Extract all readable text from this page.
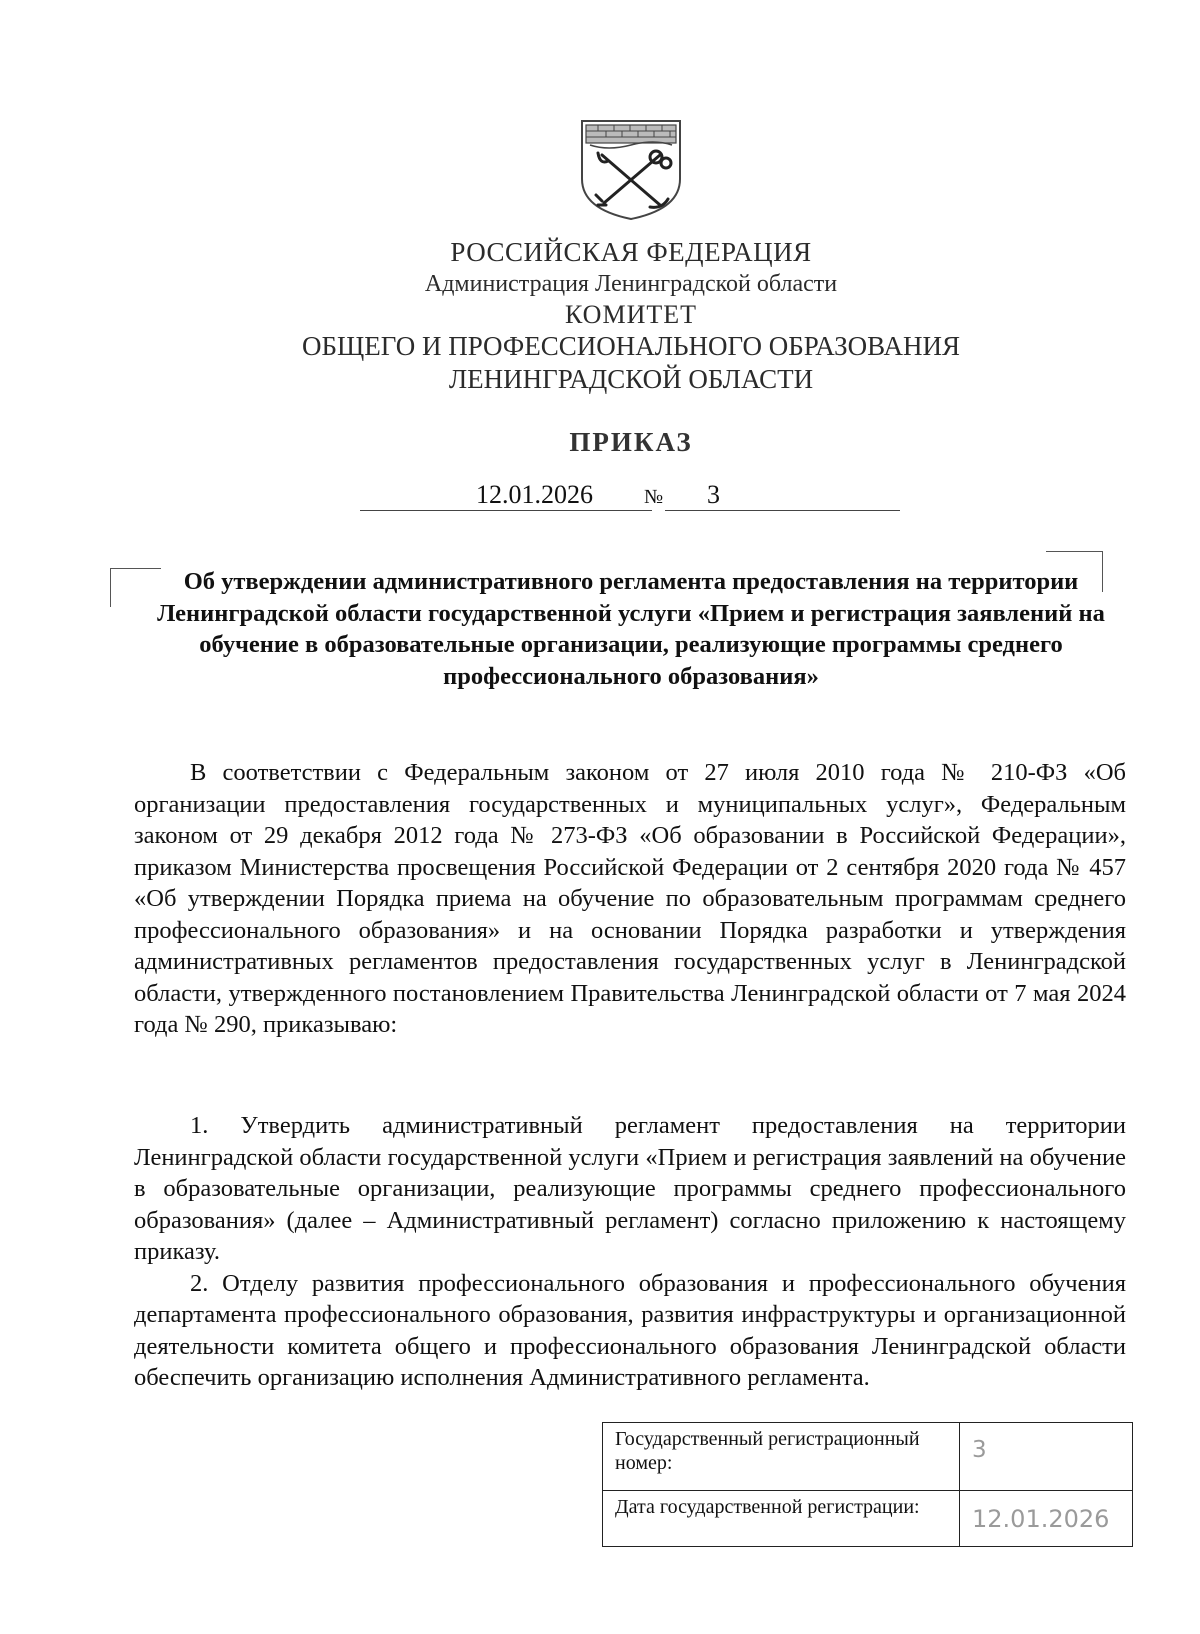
РОССИЙСКАЯ ФЕДЕРАЦИЯ
Администрация Ленинградской области
КОМИТЕТ
ОБЩЕГО И ПРОФЕССИОНАЛЬНОГО ОБРАЗОВАНИЯ
ЛЕНИНГРАДСКОЙ ОБЛАСТИ
ПРИКАЗ
12.01.2026	№ 3
Об утверждении административного регламента предоставления на территории Ленинградской области государственной услуги «Прием и регистрация заявлений на обучение в образовательные организации, реализующие программы среднего профессионального образования»

В соответствии с Федеральным законом от 27 июля 2010 года № 210-ФЗ «Об организации предоставления государственных и муниципальных услуг», Федеральным законом от 29 декабря 2012 года № 273-ФЗ «Об образовании в Российской Федерации», приказом Министерства просвещения Российской Федерации от 2 сентября 2020 года № 457 «Об утверждении Порядка приема на обучение по образовательным программам среднего профессионального образования» и на основании Порядка разработки и утверждения административных регламентов предоставления государственных услуг в Ленинградской области, утвержденного постановлением Правительства Ленинградской области от 7 мая 2024 года № 290, приказываю:

1. Утвердить административный регламент предоставления на территории Ленинградской области государственной услуги «Прием и регистрация заявлений на обучение в образовательные организации, реализующие программы среднего профессионального образования» (далее – Административный регламент) согласно приложению к настоящему приказу.

2. Отделу развития профессионального образования и профессионального обучения департамента профессионального образования, развития инфраструктуры и организационной деятельности комитета общего и профессионального образования Ленинградской области обеспечить организацию исполнения Административного регламента.

Государственный регистрационный номер:	3
Дата государственной регистрации:	12.01.2026
